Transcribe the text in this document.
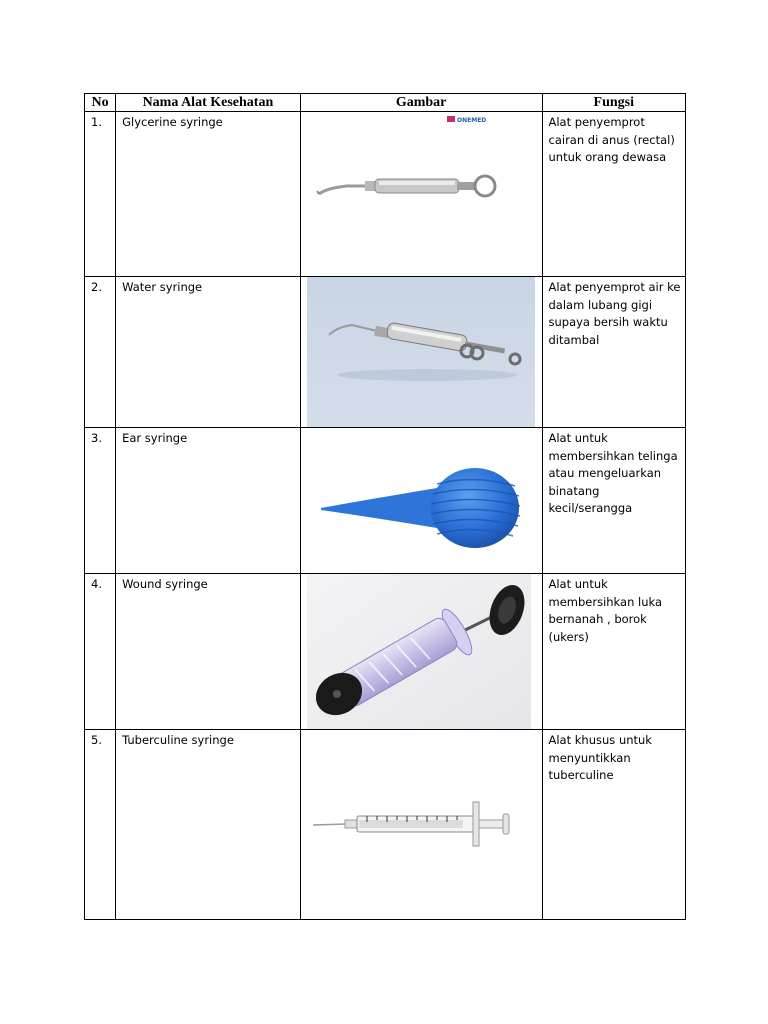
No	Nama Alat Kesehatan	Gambar	Fungsi
1.	Glycerine syringe	ONEMED	Alat penyemprot cairan di anus (rectal) untuk orang dewasa
2.	Water syringe		Alat penyemprot air ke dalam lubang gigi supaya bersih waktu ditambal
3.	Ear syringe		Alat untuk membersihkan telinga atau mengeluarkan binatang kecil/serangga
4.	Wound syringe		Alat untuk membersihkan luka bernanah , borok (ukers)
5.	Tuberculine syringe		Alat khusus untuk menyuntikkan tuberculine
